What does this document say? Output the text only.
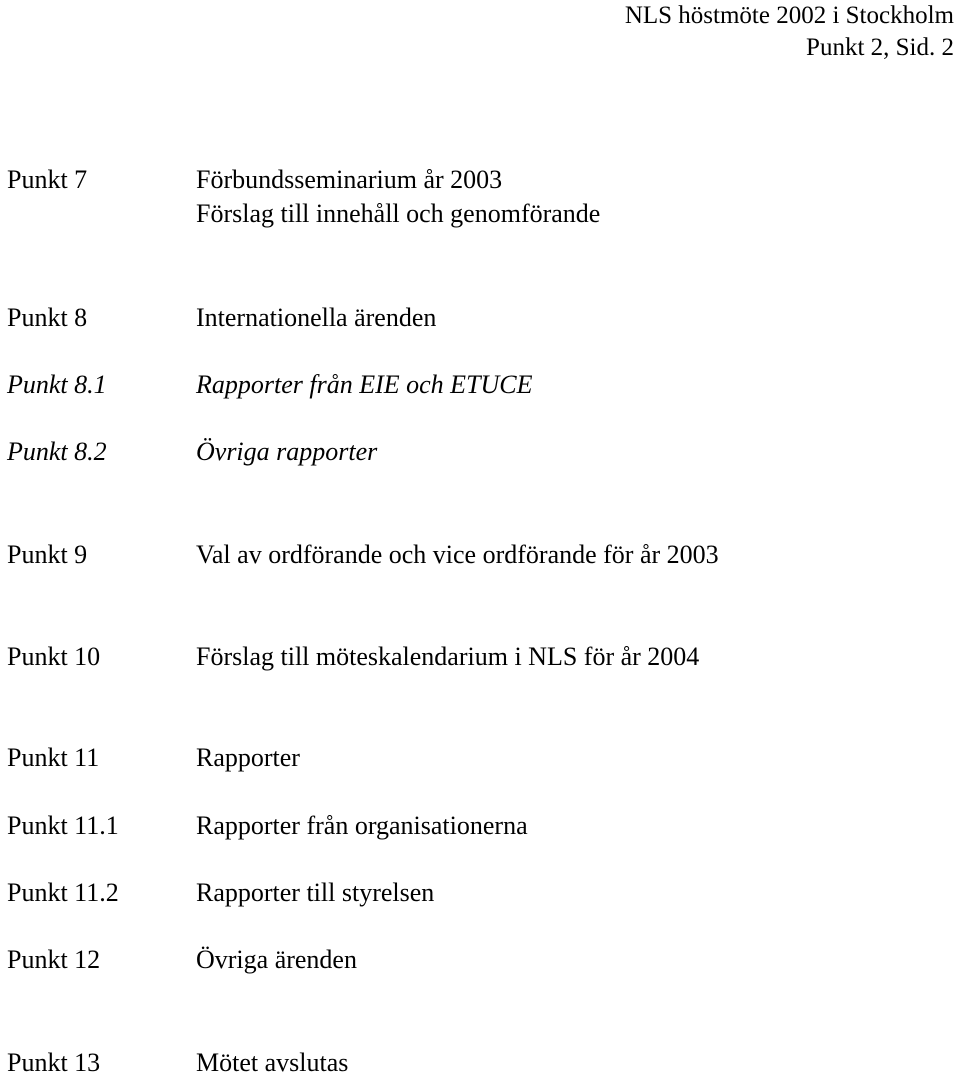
NLS höstmöte 2002 i Stockholm
Punkt 2, Sid. 2
Punkt 7	Förbundsseminarium år 2003
Förslag till innehåll och genomförande
Punkt 8	Internationella ärenden
Punkt 8.1	Rapporter från EIE och ETUCE
Punkt 8.2	Övriga rapporter
Punkt 9	Val av ordförande och vice ordförande för år 2003
Punkt 10	Förslag till möteskalendarium i NLS för år 2004
Punkt 11	Rapporter
Punkt 11.1	Rapporter från organisationerna
Punkt 11.2	Rapporter till styrelsen
Punkt 12	Övriga ärenden
Punkt 13	Mötet avslutas
